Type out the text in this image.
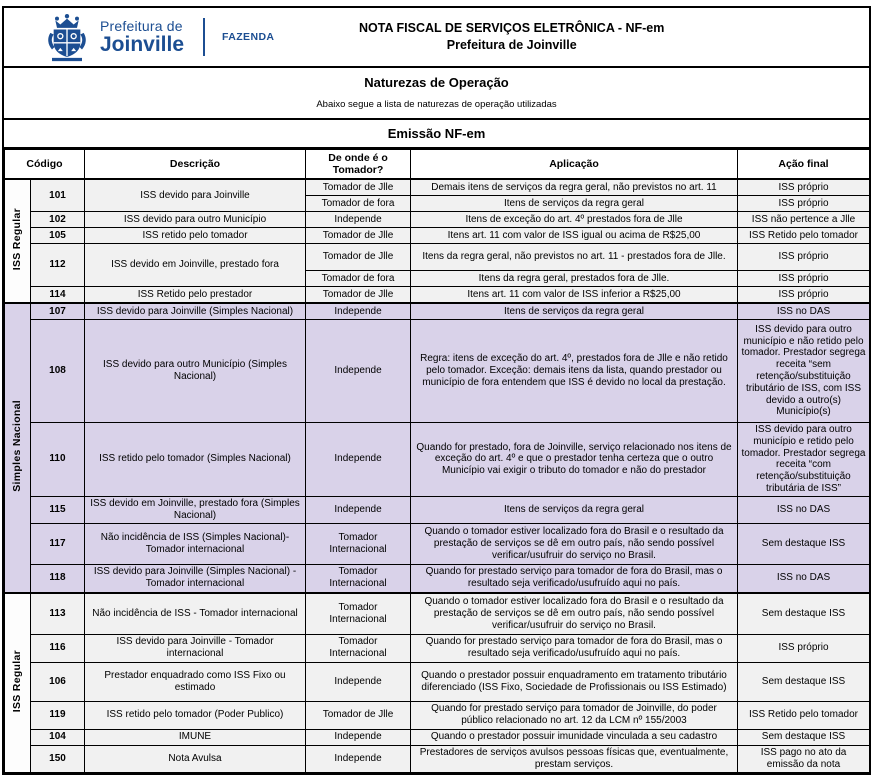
Prefeitura de
Joinville	FAZENDA
NOTA FISCAL DE SERVIÇOS ELETRÔNICA - NF-em
Prefeitura de Joinville
Naturezas de Operação
Abaixo segue a lista de naturezas de operação utilizadas
Emissão NF-em
Código		Descrição	De onde é o Tomador?	Aplicação	Ação final
ISS Regular	101	ISS devido para Joinville	Tomador de Jlle	Demais itens de serviços da regra geral, não previstos no art. 11	ISS próprio
			Tomador de fora	Itens de serviços da regra geral	ISS próprio
	102	ISS devido para outro Município	Independe	Itens de exceção do art. 4º prestados fora de Jlle	ISS não pertence a Jlle
	105	ISS retido pelo tomador	Tomador de Jlle	Itens art. 11 com valor de ISS igual ou acima de R$25,00	ISS Retido pelo tomador
	112	ISS devido em Joinville, prestado fora	Tomador de Jlle	Itens da regra geral, não previstos no art. 11 - prestados fora de Jlle.	ISS próprio
			Tomador de fora	Itens da regra geral, prestados fora de Jlle.	ISS próprio
	114	ISS Retido pelo prestador	Tomador de Jlle	Itens art. 11 com valor de ISS inferior a R$25,00	ISS próprio
Simples Nacional	107	ISS devido para Joinville (Simples Nacional)	Independe	Itens de serviços da regra geral	ISS no DAS
	108	ISS devido para outro Município (Simples Nacional)	Independe	Regra: itens de exceção do art. 4º, prestados fora de Jlle e não retido pelo tomador. Exceção: demais itens da lista, quando prestador ou município de fora entendem que ISS é devido no local da prestação.	ISS devido para outro município e não retido pelo tomador. Prestador segrega receita “sem retenção/substituição tributário de ISS, com ISS devido a outro(s) Município(s)
	110	ISS retido pelo tomador (Simples Nacional)	Independe	Quando for prestado, fora de Joinville, serviço relacionado nos itens de exceção do art. 4º e que o prestador tenha certeza que o outro Município vai exigir o tributo do tomador e não do prestador	ISS devido para outro município e retido pelo tomador. Prestador segrega receita “com retenção/substituição tributária de ISS”
	115	ISS devido em Joinville, prestado fora (Simples Nacional)	Independe	Itens de serviços da regra geral	ISS no DAS
	117	Não incidência de ISS (Simples Nacional)- Tomador internacional	Tomador Internacional	Quando o tomador estiver localizado fora do Brasil e o resultado da prestação de serviços se dê em outro país, não sendo possível verificar/usufruir do serviço no Brasil.	Sem destaque ISS
	118	ISS devido para Joinville (Simples Nacional) - Tomador internacional	Tomador Internacional	Quando for prestado serviço para tomador de fora do Brasil, mas o resultado seja verificado/usufruído aqui no país.	ISS no DAS
ISS Regular	113	Não incidência de ISS - Tomador internacional	Tomador Internacional	Quando o tomador estiver localizado fora do Brasil e o resultado da prestação de serviços se dê em outro país, não sendo possível verificar/usufruir do serviço no Brasil.	Sem destaque ISS
	116	ISS devido para Joinville - Tomador internacional	Tomador Internacional	Quando for prestado serviço para tomador de fora do Brasil, mas o resultado seja verificado/usufruído aqui no país.	ISS próprio
	106	Prestador enquadrado como ISS Fixo ou estimado	Independe	Quando o prestador possuir enquadramento em tratamento tributário diferenciado (ISS Fixo, Sociedade de Profissionais ou ISS Estimado)	Sem destaque ISS
	119	ISS retido pelo tomador (Poder Publico)	Tomador de Jlle	Quando for prestado serviço para tomador de Joinville, do poder público relacionado no art. 12 da LCM nº 155/2003	ISS Retido pelo tomador
	104	IMUNE	Independe	Quando o prestador possuir imunidade vinculada a seu cadastro	Sem destaque ISS
	150	Nota Avulsa	Independe	Prestadores de serviços avulsos pessoas físicas que, eventualmente, prestam serviços.	ISS pago no ato da emissão da nota
